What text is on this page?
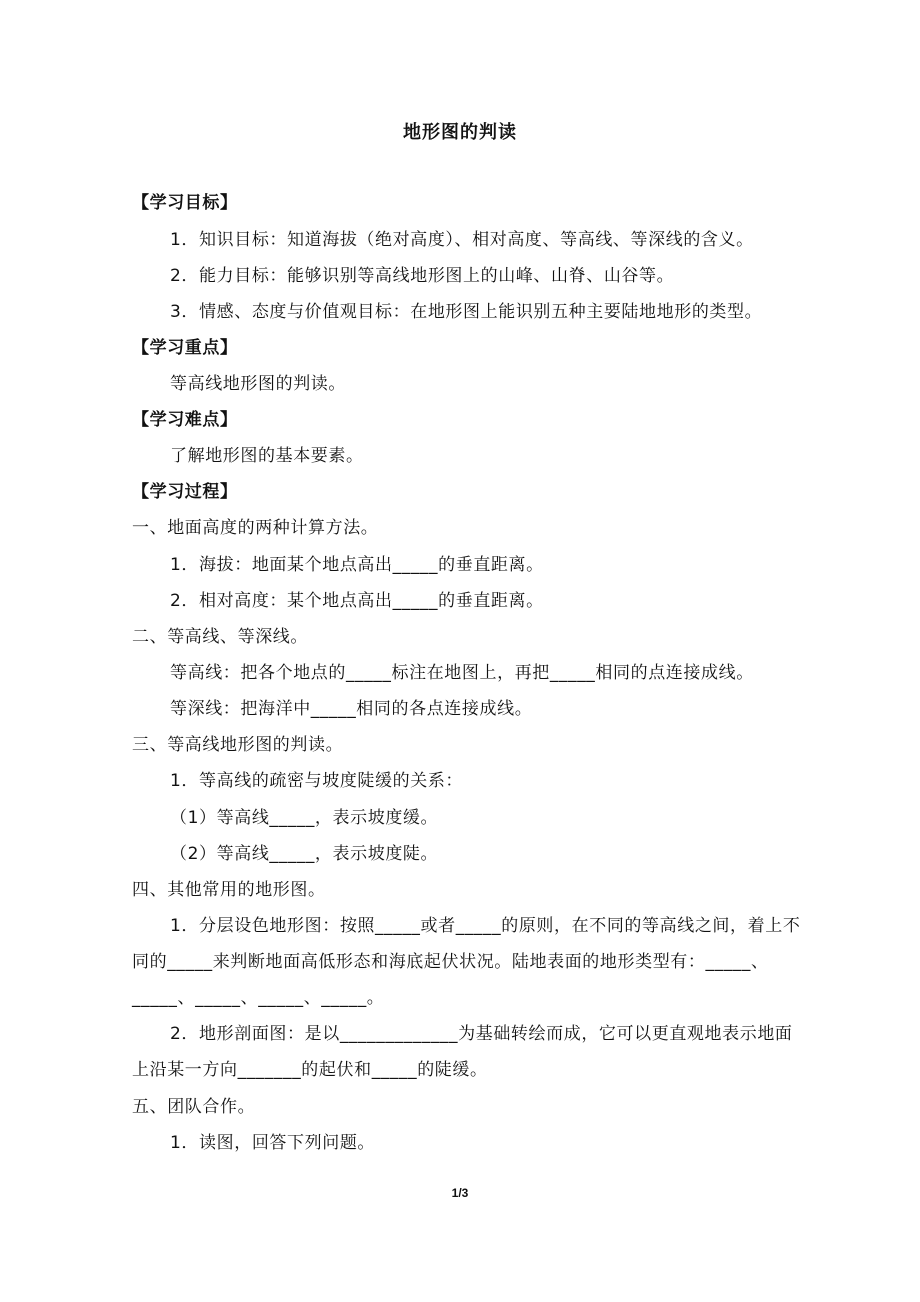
地形图的判读
【学习目标】
1．知识目标：知道海拔（绝对高度）、相对高度、等高线、等深线的含义。
2．能力目标：能够识别等高线地形图上的山峰、山脊、山谷等。
3．情感、态度与价值观目标：在地形图上能识别五种主要陆地地形的类型。
【学习重点】
等高线地形图的判读。
【学习难点】
了解地形图的基本要素。
【学习过程】
一、地面高度的两种计算方法。
1．海拔：地面某个地点高出_____的垂直距离。
2．相对高度：某个地点高出_____的垂直距离。
二、等高线、等深线。
等高线：把各个地点的_____标注在地图上，再把_____相同的点连接成线。
等深线：把海洋中_____相同的各点连接成线。
三、等高线地形图的判读。
1．等高线的疏密与坡度陡缓的关系：
（1）等高线_____，表示坡度缓。
（2）等高线_____，表示坡度陡。
四、其他常用的地形图。
1．分层设色地形图：按照_____或者_____的原则，在不同的等高线之间，着上不
同的_____来判断地面高低形态和海底起伏状况。陆地表面的地形类型有：_____、
_____、_____、_____、_____。
2．地形剖面图：是以_____________为基础转绘而成，它可以更直观地表示地面
上沿某一方向_______的起伏和_____的陡缓。
五、团队合作。
1．读图，回答下列问题。
1/3
